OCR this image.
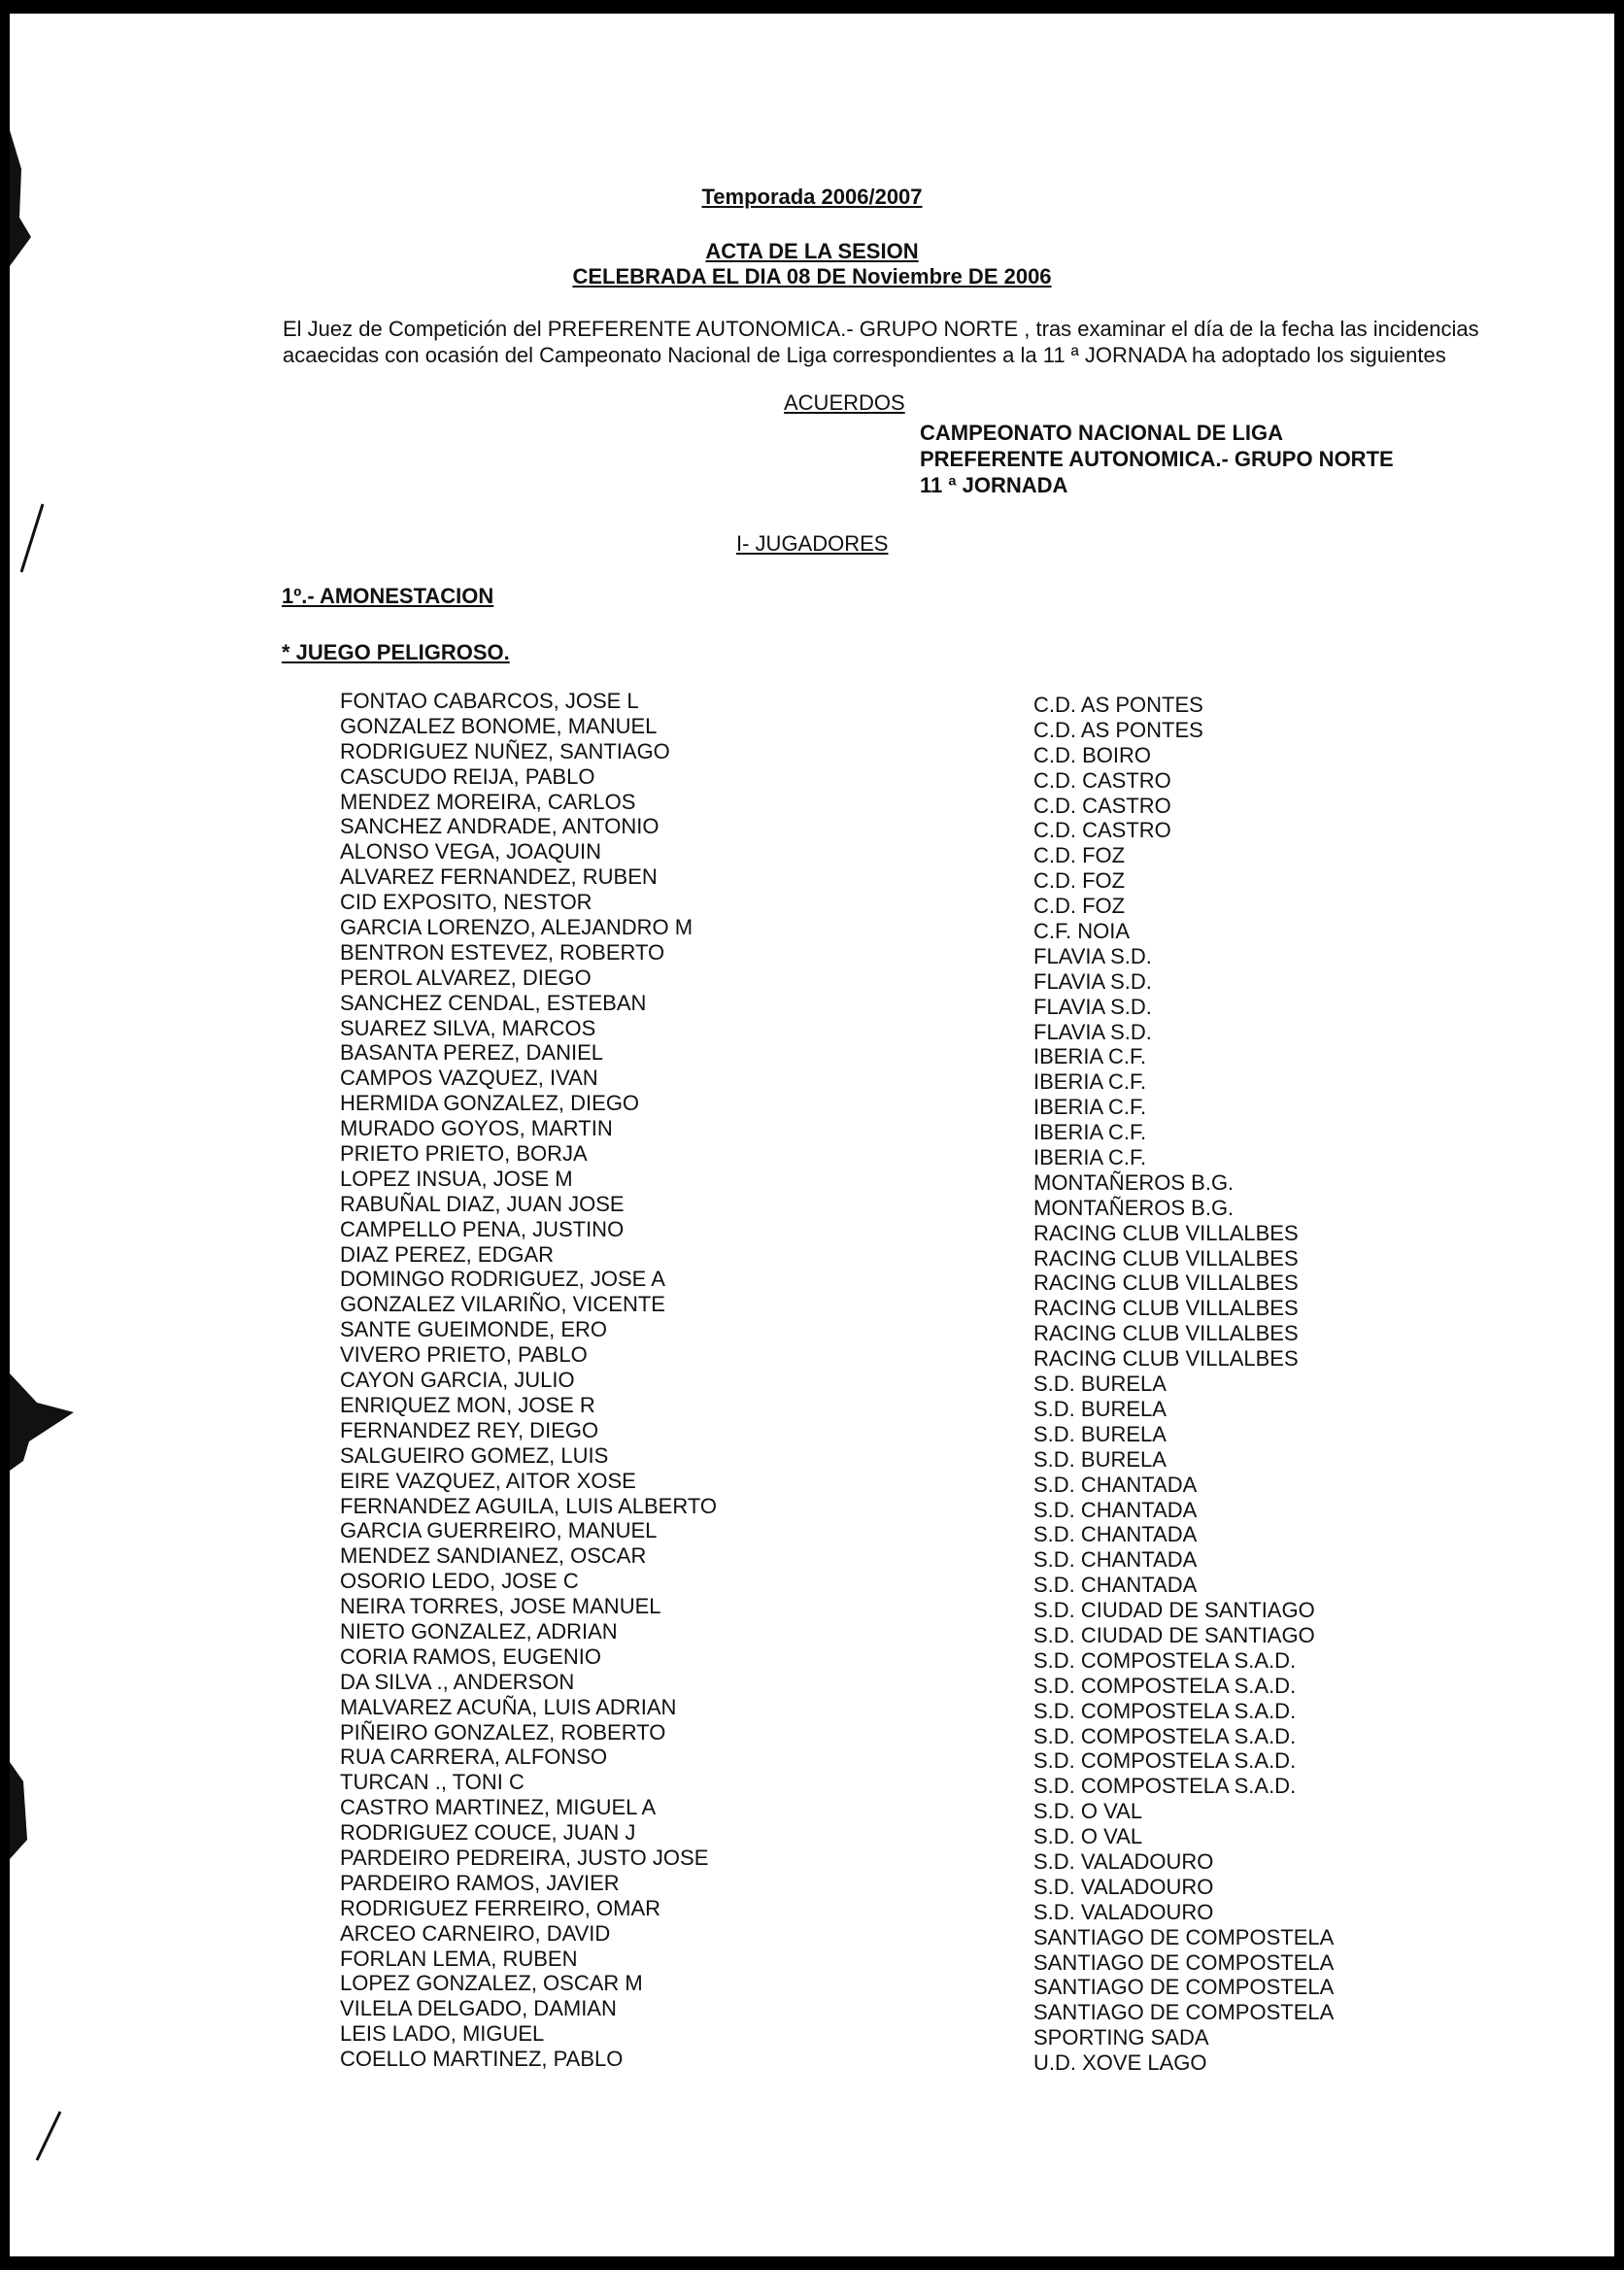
Temporada 2006/2007
ACTA DE LA SESION
CELEBRADA EL DIA 08 DE Noviembre DE 2006
El Juez de Competición del PREFERENTE AUTONOMICA.- GRUPO NORTE , tras examinar el día de la fecha las incidencias acaecidas con ocasión del Campeonato Nacional de Liga correspondientes a la 11 ª JORNADA ha adoptado los siguientes
ACUERDOS
CAMPEONATO NACIONAL DE LIGA
PREFERENTE AUTONOMICA.- GRUPO NORTE
11 ª JORNADA
I- JUGADORES
1º.- AMONESTACION
* JUEGO PELIGROSO.
FONTAO CABARCOS, JOSE L
GONZALEZ BONOME, MANUEL
RODRIGUEZ NUÑEZ, SANTIAGO
CASCUDO REIJA, PABLO
MENDEZ MOREIRA, CARLOS
SANCHEZ ANDRADE, ANTONIO
ALONSO VEGA, JOAQUIN
ALVAREZ FERNANDEZ, RUBEN
CID EXPOSITO, NESTOR
GARCIA LORENZO, ALEJANDRO M
BENTRON ESTEVEZ, ROBERTO
PEROL ALVAREZ, DIEGO
SANCHEZ CENDAL, ESTEBAN
SUAREZ SILVA, MARCOS
BASANTA PEREZ, DANIEL
CAMPOS VAZQUEZ, IVAN
HERMIDA GONZALEZ, DIEGO
MURADO GOYOS, MARTIN
PRIETO PRIETO, BORJA
LOPEZ INSUA, JOSE M
RABUÑAL DIAZ, JUAN JOSE
CAMPELLO PENA, JUSTINO
DIAZ PEREZ, EDGAR
DOMINGO RODRIGUEZ, JOSE A
GONZALEZ VILARIÑO, VICENTE
SANTE GUEIMONDE, ERO
VIVERO PRIETO, PABLO
CAYON GARCIA, JULIO
ENRIQUEZ MON, JOSE R
FERNANDEZ REY, DIEGO
SALGUEIRO GOMEZ, LUIS
EIRE VAZQUEZ, AITOR XOSE
FERNANDEZ AGUILA, LUIS ALBERTO
GARCIA GUERREIRO, MANUEL
MENDEZ SANDIANEZ, OSCAR
OSORIO LEDO, JOSE C
NEIRA TORRES, JOSE MANUEL
NIETO GONZALEZ, ADRIAN
CORIA RAMOS, EUGENIO
DA SILVA ., ANDERSON
MALVAREZ ACUÑA, LUIS ADRIAN
PIÑEIRO GONZALEZ, ROBERTO
RUA CARRERA, ALFONSO
TURCAN ., TONI C
CASTRO MARTINEZ, MIGUEL A
RODRIGUEZ COUCE, JUAN J
PARDEIRO PEDREIRA, JUSTO JOSE
PARDEIRO RAMOS, JAVIER
RODRIGUEZ FERREIRO, OMAR
ARCEO CARNEIRO, DAVID
FORLAN LEMA, RUBEN
LOPEZ GONZALEZ, OSCAR M
VILELA DELGADO, DAMIAN
LEIS LADO, MIGUEL
COELLO MARTINEZ, PABLO
C.D. AS PONTES
C.D. AS PONTES
C.D. BOIRO
C.D. CASTRO
C.D. CASTRO
C.D. CASTRO
C.D. FOZ
C.D. FOZ
C.D. FOZ
C.F. NOIA
FLAVIA S.D.
FLAVIA S.D.
FLAVIA S.D.
FLAVIA S.D.
IBERIA C.F.
IBERIA C.F.
IBERIA C.F.
IBERIA C.F.
IBERIA C.F.
MONTAÑEROS B.G.
MONTAÑEROS B.G.
RACING CLUB VILLALBES
RACING CLUB VILLALBES
RACING CLUB VILLALBES
RACING CLUB VILLALBES
RACING CLUB VILLALBES
RACING CLUB VILLALBES
S.D. BURELA
S.D. BURELA
S.D. BURELA
S.D. BURELA
S.D. CHANTADA
S.D. CHANTADA
S.D. CHANTADA
S.D. CHANTADA
S.D. CHANTADA
S.D. CIUDAD DE SANTIAGO
S.D. CIUDAD DE SANTIAGO
S.D. COMPOSTELA S.A.D.
S.D. COMPOSTELA S.A.D.
S.D. COMPOSTELA S.A.D.
S.D. COMPOSTELA S.A.D.
S.D. COMPOSTELA S.A.D.
S.D. COMPOSTELA S.A.D.
S.D. O VAL
S.D. O VAL
S.D. VALADOURO
S.D. VALADOURO
S.D. VALADOURO
SANTIAGO DE COMPOSTELA
SANTIAGO DE COMPOSTELA
SANTIAGO DE COMPOSTELA
SANTIAGO DE COMPOSTELA
SPORTING SADA
U.D. XOVE LAGO
